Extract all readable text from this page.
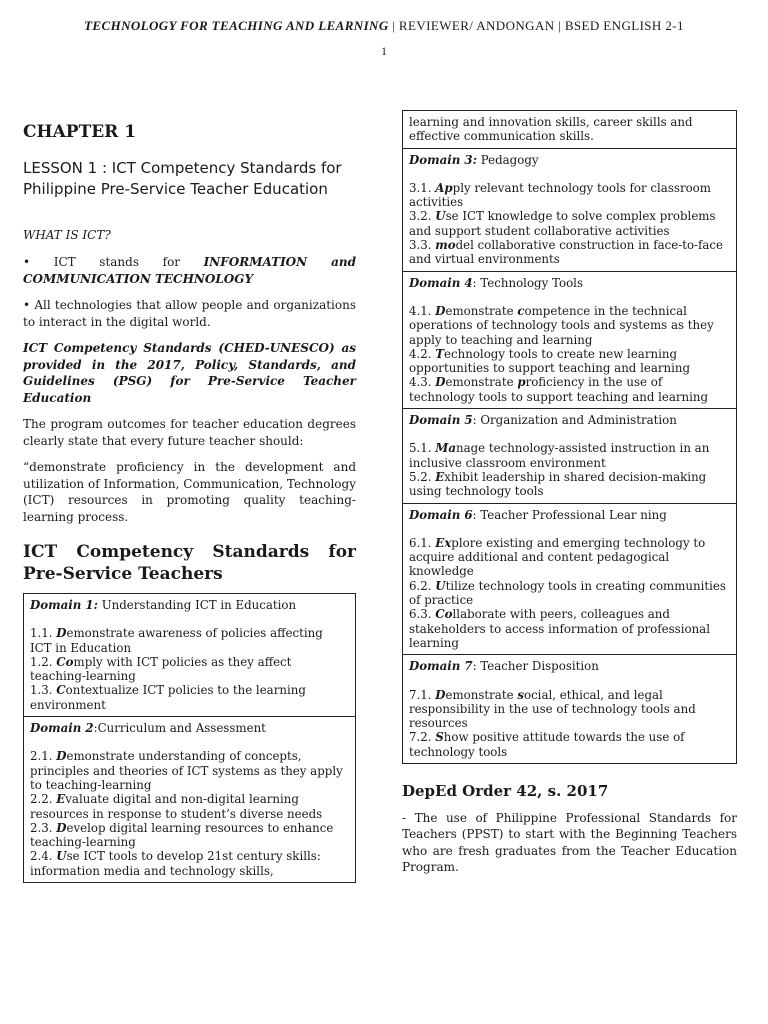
TECHNOLOGY FOR TEACHING AND LEARNING | REVIEWER/ ANDONGAN | BSED ENGLISH 2-1
1
CHAPTER 1
LESSON 1 : ICT Competency Standards for Philippine Pre-Service Teacher Education
WHAT IS ICT?

• ICT stands for INFORMATION and COMMUNICATION TECHNOLOGY

• All technologies that allow people and organizations to interact in the digital world.

ICT Competency Standards (CHED-UNESCO) as provided in the 2017, Policy, Standards, and Guidelines (PSG) for Pre-Service Teacher Education

The program outcomes for teacher education degrees clearly state that every future teacher should:

“demonstrate proficiency in the development and utilization of Information, Communication, Technology (ICT) resources in promoting quality teaching-learning process.

ICT Competency Standards for Pre-Service Teachers
Domain 1: Understanding ICT in Education
1.1. Demonstrate awareness of policies affecting ICT in Education
1.2. Comply with ICT policies as they affect teaching-learning
1.3. Contextualize ICT policies to the learning environment
Domain 2:Curriculum and Assessment
2.1. Demonstrate understanding of concepts, principles and theories of ICT systems as they apply to teaching-learning
2.2. Evaluate digital and non-digital learning resources in response to student’s diverse needs
2.3. Develop digital learning resources to enhance teaching-learning
2.4. Use ICT tools to develop 21st century skills: information media and technology skills,
learning and innovation skills, career skills and effective communication skills.
Domain 3: Pedagogy
3.1. Apply relevant technology tools for classroom activities
3.2. Use ICT knowledge to solve complex problems and support student collaborative activities
3.3. model collaborative construction in face-to-face and virtual environments
Domain 4: Technology Tools
4.1. Demonstrate competence in the technical operations of technology tools and systems as they apply to teaching and learning
4.2. Technology tools to create new learning opportunities to support teaching and learning
4.3. Demonstrate proficiency in the use of technology tools to support teaching and learning
Domain 5: Organization and Administration
5.1. Manage technology-assisted instruction in an inclusive classroom environment
5.2. Exhibit leadership in shared decision-making using technology tools
Domain 6: Teacher Professional Lear ning
6.1. Explore existing and emerging technology to acquire additional and content pedagogical knowledge
6.2. Utilize technology tools in creating communities of practice
6.3. Collaborate with peers, colleagues and stakeholders to access information of professional learning
Domain 7: Teacher Disposition
7.1. Demonstrate social, ethical, and legal responsibility in the use of technology tools and resources
7.2. Show positive attitude towards the use of technology tools
DepEd Order 42, s. 2017

- The use of Philippine Professional Standards for Teachers (PPST) to start with the Beginning Teachers who are fresh graduates from the Teacher Education Program.
